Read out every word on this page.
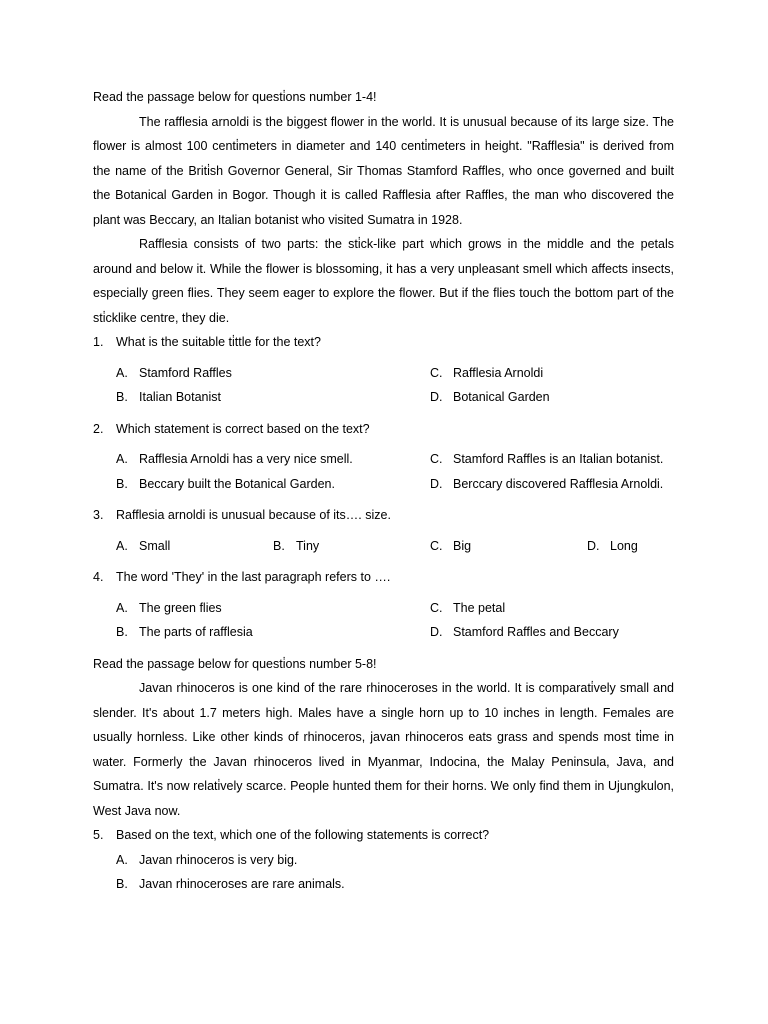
Read the passage below for questi̇ons number 1-4!

The rafflesia arnoldi is the biggest flower in the world. It is unusual because of its large size. The flower is almost 100 centi̇meters in diameter and 140 centi̇meters in height. "Rafflesia" is derived from the name of the Briti̇sh Governor General, Sir Thomas Stamford Raffles, who once governed and built the Botanical Garden in Bogor. Though it is called Rafflesia after Raffles, the man who discovered the plant was Beccary, an Italian botanist who visited Sumatra in 1928.

Rafflesia consists of two parts: the sti̇ck-like part which grows in the middle and the petals around and below it. While the flower is blossoming, it has a very unpleasant smell which affects insects, especially green flies. They seem eager to explore the flower. But if the flies touch the bottom part of the sti̇cklike centre, they die.

1.	What is the suitable ti̇ttle for the text?
A. Stamford Raffles	C. Rafflesia Arnoldi
B. Italian Botanist	D. Botanical Garden
2.	Which statement is correct based on the text?
A. Rafflesia Arnoldi has a very nice smell.	C. Stamford Raffles is an Italian botanist.
B. Beccary built the Botanical Garden.	D. Berccary discovered Rafflesia Arnoldi.
3.	Rafflesia arnoldi is unusual because of its…. size.
A. Small	B. Tiny	C. Big	D. Long
4.	The word 'They' in the last paragraph refers to ….
A. The green flies	C. The petal
B. The parts of rafflesia	D. Stamford Raffles and Beccary

Read the passage below for questi̇ons number 5-8!

Javan rhinoceros is one kind of the rare rhinoceroses in the world. It is comparati̇vely small and slender. It's about 1.7 meters high. Males have a single horn up to 10 inches in length. Females are usually hornless. Like other kinds of rhinoceros, javan rhinoceros eats grass and spends most ti̇me in water. Formerly the Javan rhinoceros lived in Myanmar, Indocina, the Malay Peninsula, Java, and Sumatra. It's now relati̇vely scarce. People hunted them for their horns. We only find them in Ujungkulon, West Java now.

5.	Based on the text, which one of the following statements is correct?
A. Javan rhinoceros is very big.
B. Javan rhinoceroses are rare animals.
